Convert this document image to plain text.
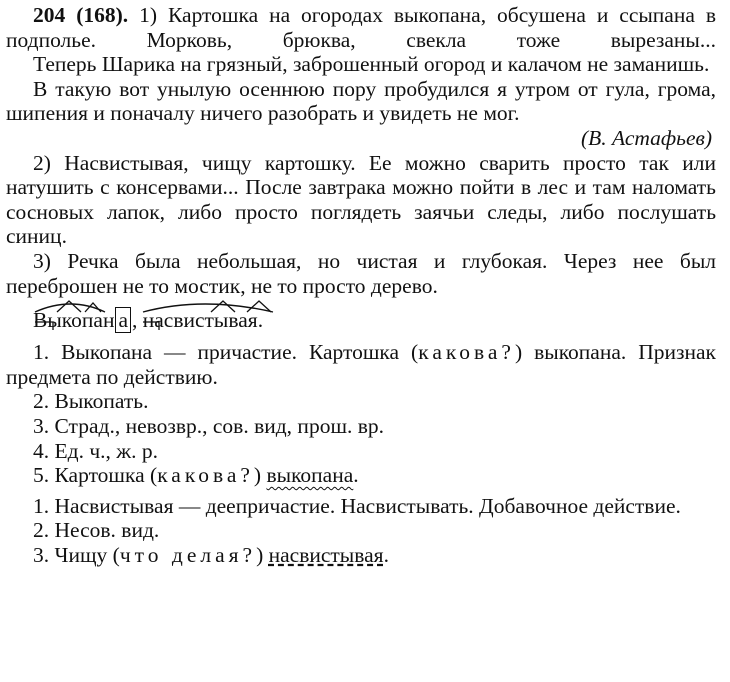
204 (168). 1) Картошка на огородах выкопана, обсушена и ссыпана в подполье. Морковь, брюква, свекла тоже вырезаны...

Теперь Шарика на грязный, заброшенный огород и калачом не заманишь.

В такую вот унылую осеннюю пору пробудился я утром от гула, грома, шипения и поначалу ничего разобрать и увидеть не мог.

(В. Астафьев)

2) Насвистывая, чищу картошку. Ее можно сварить просто так или натушить с консервами... После завтрака можно пойти в лес и там наломать сосновых лапок, либо просто поглядеть заячьи следы, либо послушать синиц.

3) Речка была небольшая, но чистая и глубокая. Через нее был переброшен не то мостик, не то просто дерево.

Выкопан а , насвистывая.

1. Выкопана — причастие. Картошка (какова?) выкопана. Признак предмета по действию.

2. Выкопать.

3. Страд., невозвр., сов. вид, прош. вр.

4. Ед. ч., ж. р.

5. Картошка (какова?) выкопана.

1. Насвистывая — деепричастие. Насвистывать. Добавочное действие.

2. Несов. вид.

3. Чищу (что делая?) насвистывая.
